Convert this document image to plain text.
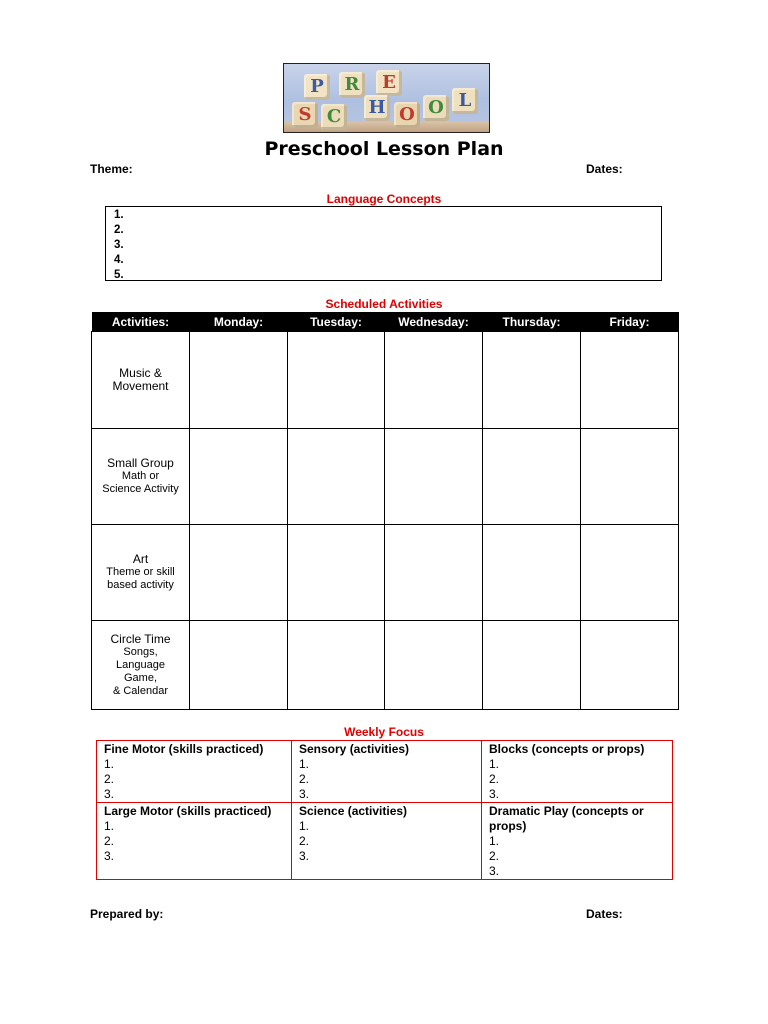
P	R	E
S C	H O O L
Preschool Lesson Plan
Theme:	Dates:
Language Concepts
1.
2.
3.
4.
5.
Scheduled Activities
Activities:	Monday:	Tuesday:	Wednesday:	Thursday:	Friday:

Music &
Movement					

Small Group
Math or
Science Activity					

Art
Theme or skill
based activity					

Circle Time
Songs,
Language
Game,
& Calendar					

Weekly Focus
Fine Motor (skills practiced)
1.
2.
3.	Sensory (activities)
1.
2.
3.	Blocks (concepts or props)
1.
2.
3.

Large Motor (skills practiced)
1.
2.
3.	Science (activities)
1.
2.
3.	Dramatic Play (concepts or props)
1.
2.
3.
Prepared by:	Dates:
